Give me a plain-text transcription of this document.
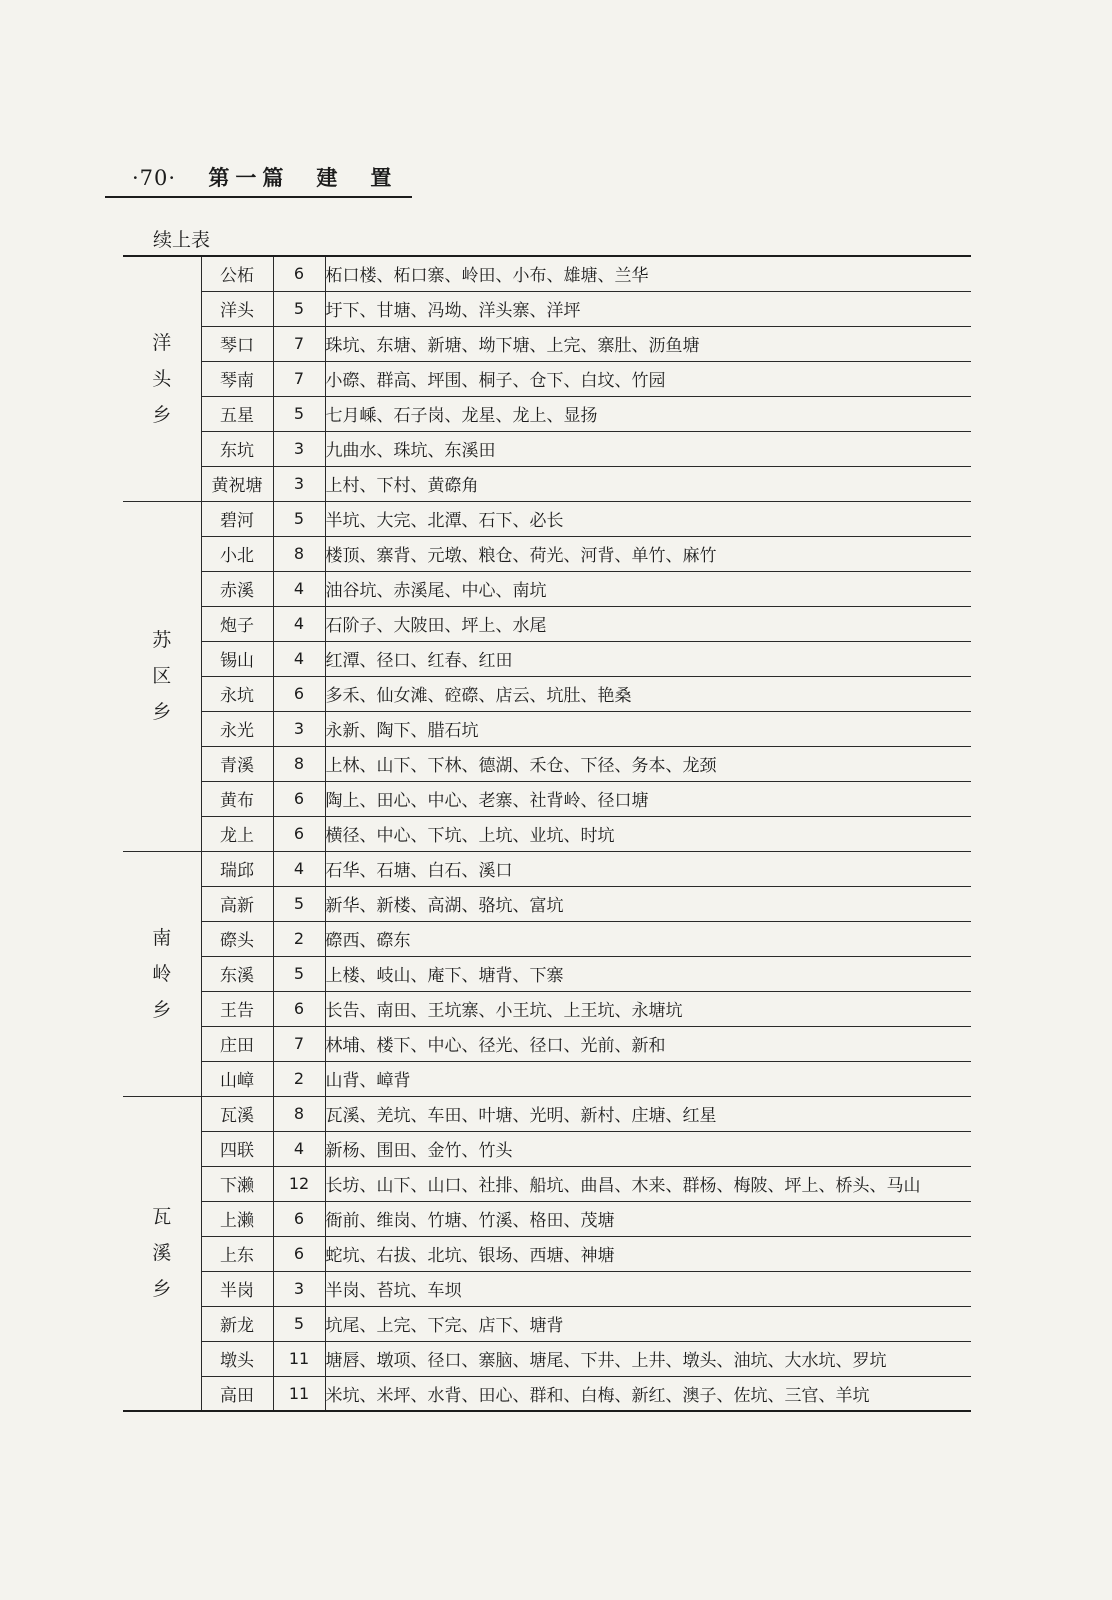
·70· 第一篇　建　置
续上表
洋
头
乡	公柘	6	柘口楼、柘口寨、岭田、小布、雄塘、兰华
	洋头	5	圩下、甘塘、冯坳、洋头寨、洋坪
	琴口	7	珠坑、东塘、新塘、坳下塘、上完、寨肚、沥鱼塘
	琴南	7	小磜、群高、坪围、桐子、仓下、白坟、竹园
	五星	5	七月嵊、石子岗、龙星、龙上、显扬
	东坑	3	九曲水、珠坑、东溪田
	黄祝塘	3	上村、下村、黄磜角

苏
区
乡	碧河	5	半坑、大完、北潭、石下、必长
	小北	8	楼顶、寨背、元墩、粮仓、荷光、河背、单竹、麻竹
	赤溪	4	油谷坑、赤溪尾、中心、南坑
	炮子	4	石阶子、大陂田、坪上、水尾
	锡山	4	红潭、径口、红春、红田
	永坑	6	多禾、仙女滩、硿磜、店云、坑肚、艳桑
	永光	3	永新、陶下、腊石坑
	青溪	8	上林、山下、下林、德湖、禾仓、下径、务本、龙颈
	黄布	6	陶上、田心、中心、老寨、社背岭、径口塘
	龙上	6	横径、中心、下坑、上坑、业坑、时坑

南
岭
乡	瑞邱	4	石华、石塘、白石、溪口
	高新	5	新华、新楼、高湖、骆坑、富坑
	磜头	2	磜西、磜东
	东溪	5	上楼、岐山、庵下、塘背、下寨
	王告	6	长告、南田、王坑寨、小王坑、上王坑、永塘坑
	庄田	7	林埔、楼下、中心、径光、径口、光前、新和
	山嶂	2	山背、嶂背

瓦
溪
乡	瓦溪	8	瓦溪、羌坑、车田、叶塘、光明、新村、庄塘、红星
	四联	4	新杨、围田、金竹、竹头
	下濑	12	长坊、山下、山口、社排、船坑、曲昌、木来、群杨、梅陂、坪上、桥头、马山
	上濑	6	衙前、维岗、竹塘、竹溪、格田、茂塘
	上东	6	蛇坑、右拔、北坑、银场、西塘、神塘
	半岗	3	半岗、苔坑、车坝
	新龙	5	坑尾、上完、下完、店下、塘背
	墩头	11	塘唇、墩项、径口、寨脑、塘尾、下井、上井、墩头、油坑、大水坑、罗坑
	高田	11	米坑、米坪、水背、田心、群和、白梅、新红、澳子、佐坑、三官、羊坑
